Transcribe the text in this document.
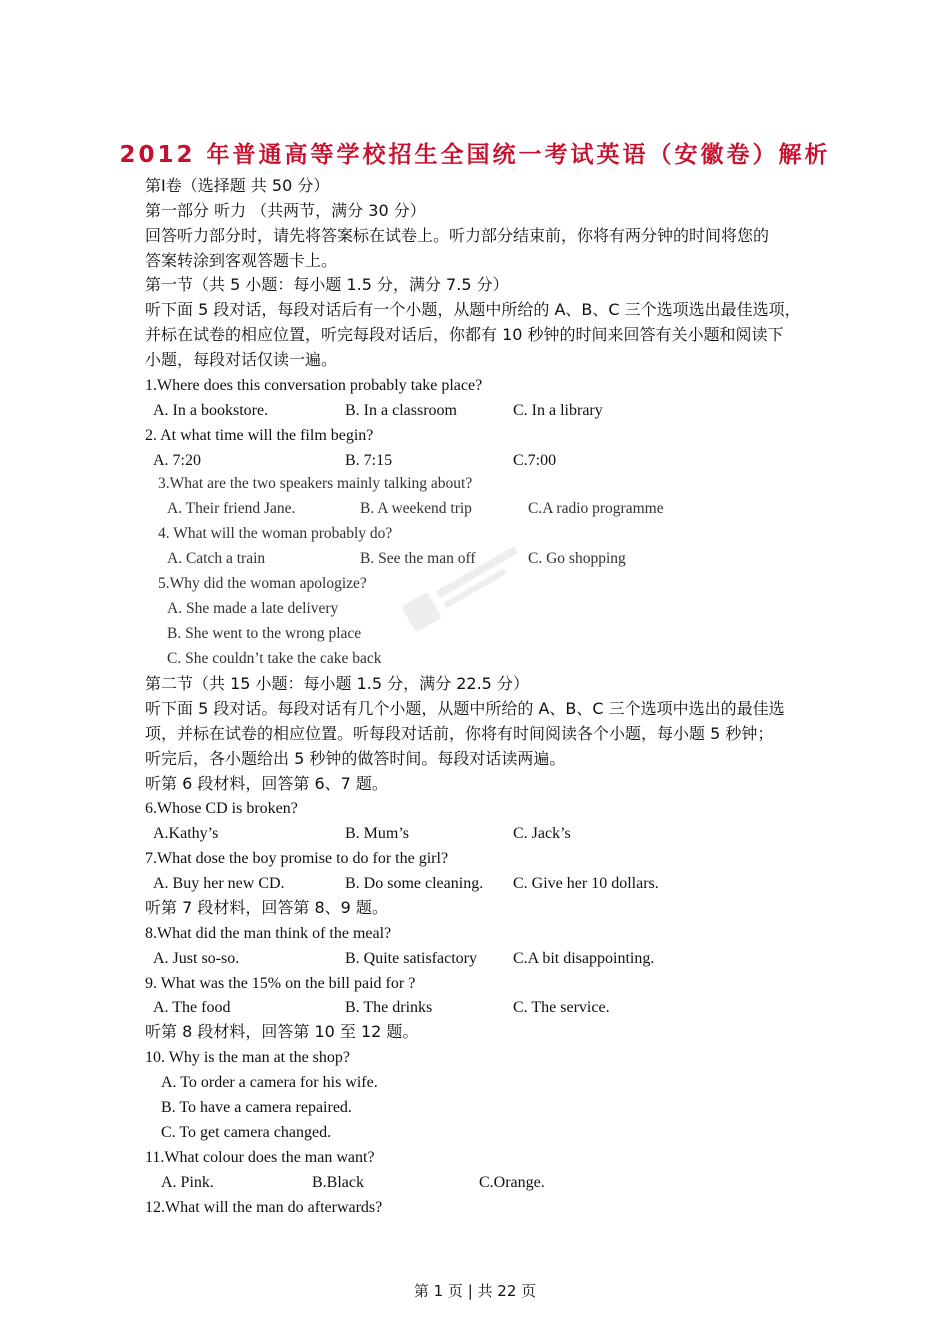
2012 年普通高等学校招生全国统一考试英语（安徽卷）解析
第Ⅰ卷（选择题 共 50 分）
第一部分 听力 （共两节，满分 30 分）
回答听力部分时，请先将答案标在试卷上。听力部分结束前，你将有两分钟的时间将您的
答案转涂到客观答题卡上。
第一节（共 5 小题：每小题 1.5 分，满分 7.5 分）
听下面 5 段对话，每段对话后有一个小题，从题中所给的 A、B、C 三个选项选出最佳选项，
并标在试卷的相应位置，听完每段对话后，你都有 10 秒钟的时间来回答有关小题和阅读下
小题，每段对话仅读一遍。
1.Where does this conversation probably take place?
A. In a bookstore.	B. In a classroom	C. In a library
2. At what time will the film begin?
A. 7:20	B. 7:15	C.7:00
3.What are the two speakers mainly talking about?
A. Their friend Jane.	B. A weekend trip	C.A radio programme
4. What will the woman probably do?
A. Catch a train	B. See the man off	C. Go shopping
5.Why did the woman apologize?
A. She made a late delivery
B. She went to the wrong place
C. She couldn’t take the cake back
第二节（共 15 小题：每小题 1.5 分，满分 22.5 分）
听下面 5 段对话。每段对话有几个小题，从题中所给的 A、B、C 三个选项中选出的最佳选
项，并标在试卷的相应位置。听每段对话前，你将有时间阅读各个小题，每小题 5 秒钟；
听完后，各小题给出 5 秒钟的做答时间。每段对话读两遍。
听第 6 段材料，回答第 6、7 题。
6.Whose CD is broken?
A.Kathy’s	B. Mum’s	C. Jack’s
7.What dose the boy promise to do for the girl?
A. Buy her new CD.	B. Do some cleaning. C. Give her 10 dollars.
听第 7 段材料，回答第 8、9 题。
8.What did the man think of the meal?
A. Just so-so.	B. Quite satisfactory C.A bit disappointing.
9. What was the 15% on the bill paid for ?
A. The food	B. The drinks	C. The service.
听第 8 段材料，回答第 10 至 12 题。
10. Why is the man at the shop?
A. To order a camera for his wife.
B. To have a camera repaired.
C. To get camera changed.
11.What colour does the man want?
A. Pink.	B.Black	C.Orange.
12.What will the man do afterwards?
第 1 页 | 共 22 页
